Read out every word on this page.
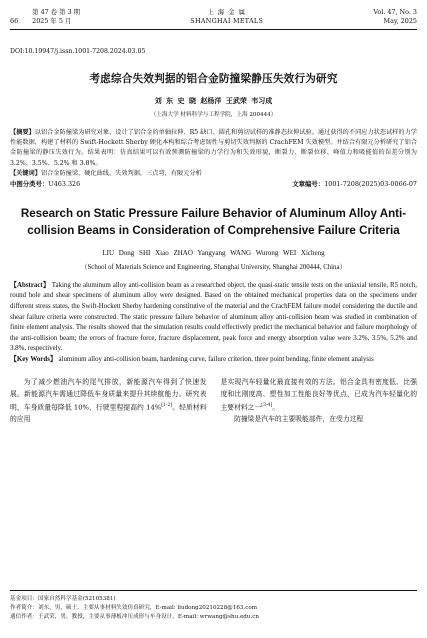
66
第 47 卷 第 3 期
2025 年 5 月
上 海 金 属
SHANGHAI METALS
Vol. 47, No. 3
May, 2025
DOI:10.19947/j.issn.1001-7208.2024.03.05
考虑综合失效判据的铝合金防撞梁静压失效行为研究
刘 东 史 晓 赵杨洋 王武荣 韦习成
（上海大学 材料科学与工程学院，上海 200444）
【摘要】以铝合金防撞梁为研究对象，设计了铝合金的单轴拉伸、R5 缺口、圆孔和剪切试样的准静态拉伸试验。通过获得的不同应力状态试样的力学性能数据，构建了材料的 Swift-Hockett Sherby 硬化本构和综合考虑韧性与剪切失效判据的 CrachFEM 失效模型。并结合有限元分析研究了铝合金防撞梁的静压失效行为。结果表明：仿真结果可以有效预测防撞梁的力学行为和失效形貌，断裂力、断裂位移、峰值力和吸能值的误差分别为 3.2%、3.5%、5.2% 和 3.8%。
【关键词】铝合金防撞梁，硬化曲线，失效判据，三点弯，有限元分析
中图分类号：U463.326	文章编号：1001-7208(2025)03-0066-07
Research on Static Pressure Failure Behavior of Aluminum Alloy Anti-collision Beams in Consideration of Comprehensive Failure Criteria
LIU Dong SHI Xiao ZHAO Yangyang WANG Wurong WEI Xicheng
（School of Materials Science and Engineering, Shanghai University, Shanghai 200444, China）
【Abstract】 Taking the aluminum alloy anti-collision beam as a researched object, the quasi-static tensile tests on the uniaxial tensile, R5 notch, round hole and shear specimens of aluminum alloy were designed. Based on the obtained mechanical properties data on the specimens under different stress states, the Swift-Hockett Sherby hardening constitutive of the material and the CrachFEM failure model considering the ductile and shear failure criteria were constructed. The static pressure failure behavior of aluminum alloy anti-collision beam was studied in combination of finite element analysis. The results showed that the simulation results could effectively predict the mechanical behavior and failure morphology of the anti-collision beam; the errors of fracture force, fracture displacement, peak force and energy absorption value were 3.2%, 3.5%, 5.2% and 3.8%, respectively.
【Key Words】 aluminum alloy anti-collision beam, hardening curve, failure criterion, three point bending, finite element analysis
为了减少燃油汽车的尾气排放，新能源汽车得到了快速发展。新能源汽车需通过降低车身质量来提升其续航能力。研究表明，车身质量每降低 10%，行驶里程提高约 14%[1-2]。轻质材料的应用
是实现汽车轻量化最直接有效的方法。铝合金具有密度低、比强度和比刚度高、塑性加工性能良好等优点，已成为汽车轻量化的主要材料之一[3-4]。
防撞梁是汽车的主要吸能部件，在受力过程
基金项目：国家自然科学基金(52105381)
作者简介：刘东，男，硕士，主要从事材料失效仿真研究，E-mail: liudong20210228@163.com
通信作者：王武荣，男，教授，主要从事薄板冲压成形与车身设计，E-mail: wrwang@shu.edu.cn
